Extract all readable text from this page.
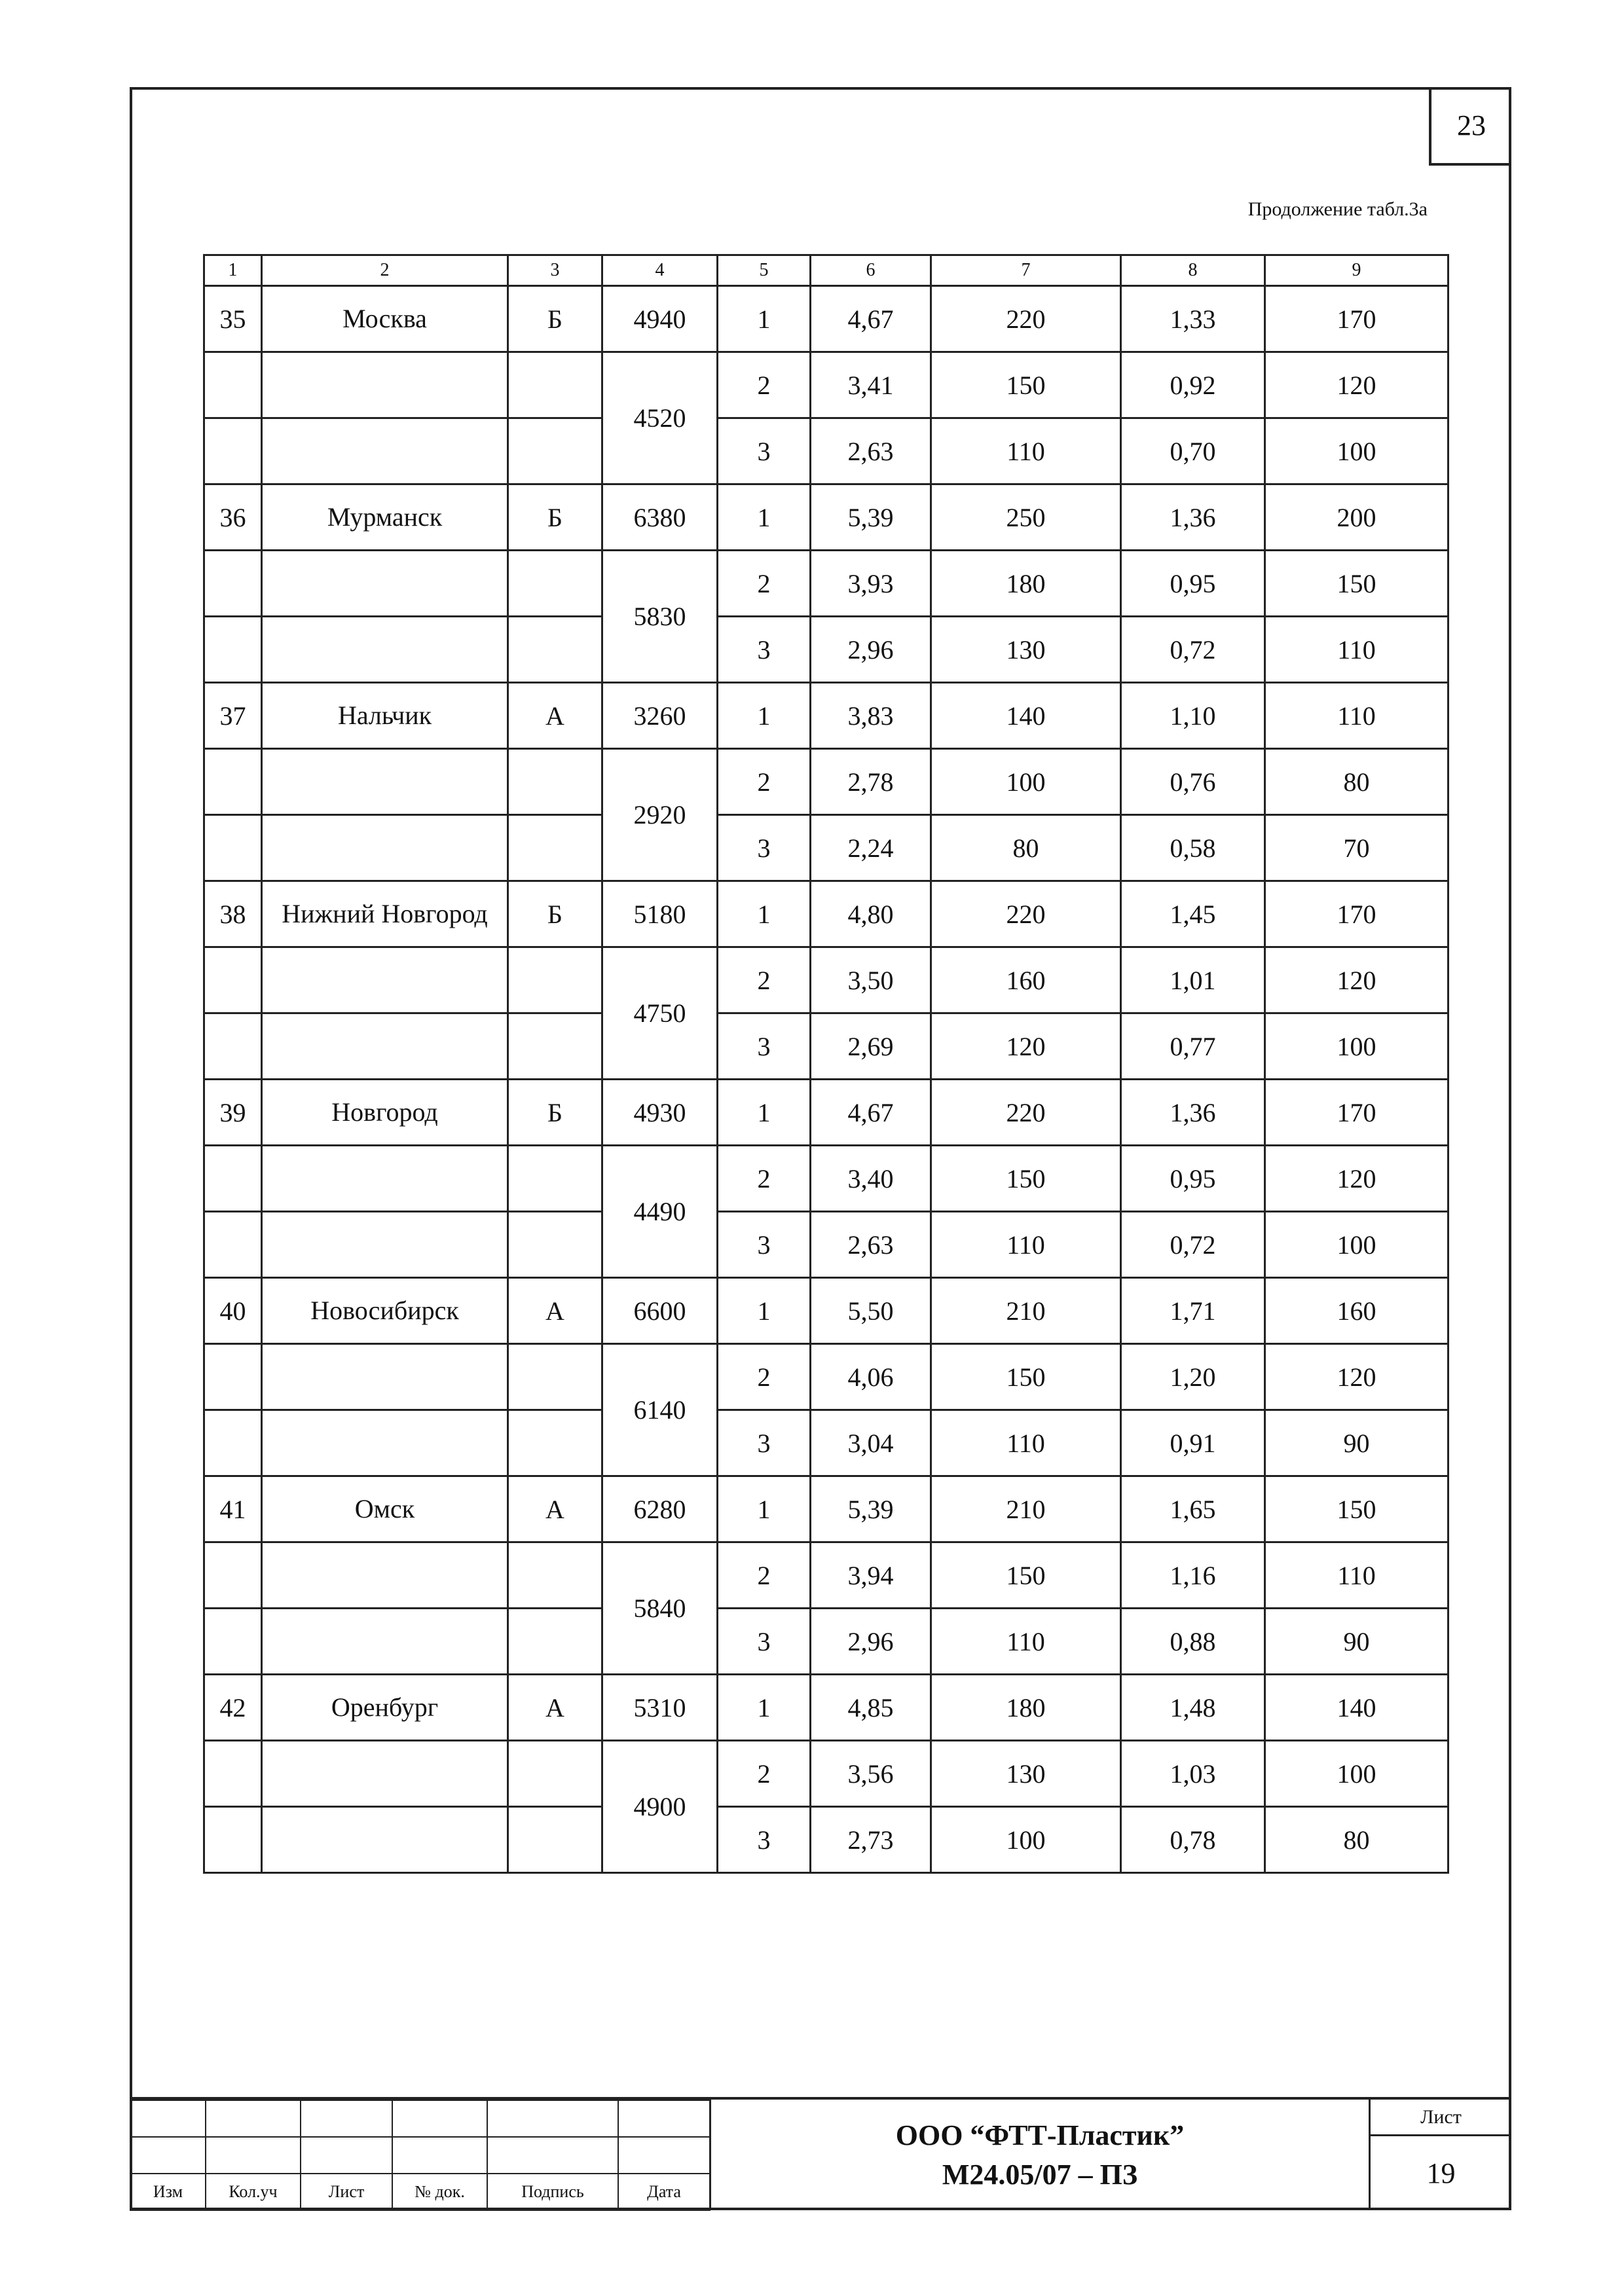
23
Продолжение табл.3а
1	2	3	4	5	6	7	8	9
35	Москва	Б	4940	1	4,67	220	1,33	170
			4520	2	3,41	150	0,92	120
				3	2,63	110	0,70	100
36	Мурманск	Б	6380	1	5,39	250	1,36	200
			5830	2	3,93	180	0,95	150
				3	2,96	130	0,72	110
37	Нальчик	А	3260	1	3,83	140	1,10	110
			2920	2	2,78	100	0,76	80
				3	2,24	80	0,58	70
38	Нижний Новгород	Б	5180	1	4,80	220	1,45	170
			4750	2	3,50	160	1,01	120
				3	2,69	120	0,77	100
39	Новгород	Б	4930	1	4,67	220	1,36	170
			4490	2	3,40	150	0,95	120
				3	2,63	110	0,72	100
40	Новосибирск	А	6600	1	5,50	210	1,71	160
			6140	2	4,06	150	1,20	120
				3	3,04	110	0,91	90
41	Омск	А	6280	1	5,39	210	1,65	150
			5840	2	3,94	150	1,16	110
				3	2,96	110	0,88	90
42	Оренбург	А	5310	1	4,85	180	1,48	140
			4900	2	3,56	130	1,03	100
				3	2,73	100	0,78	80

Изм	Кол.уч	Лист	№ док.	Подпись	Дата
ООО “ФТТ-Пластик”
М24.05/07 – ПЗ
Лист
19
